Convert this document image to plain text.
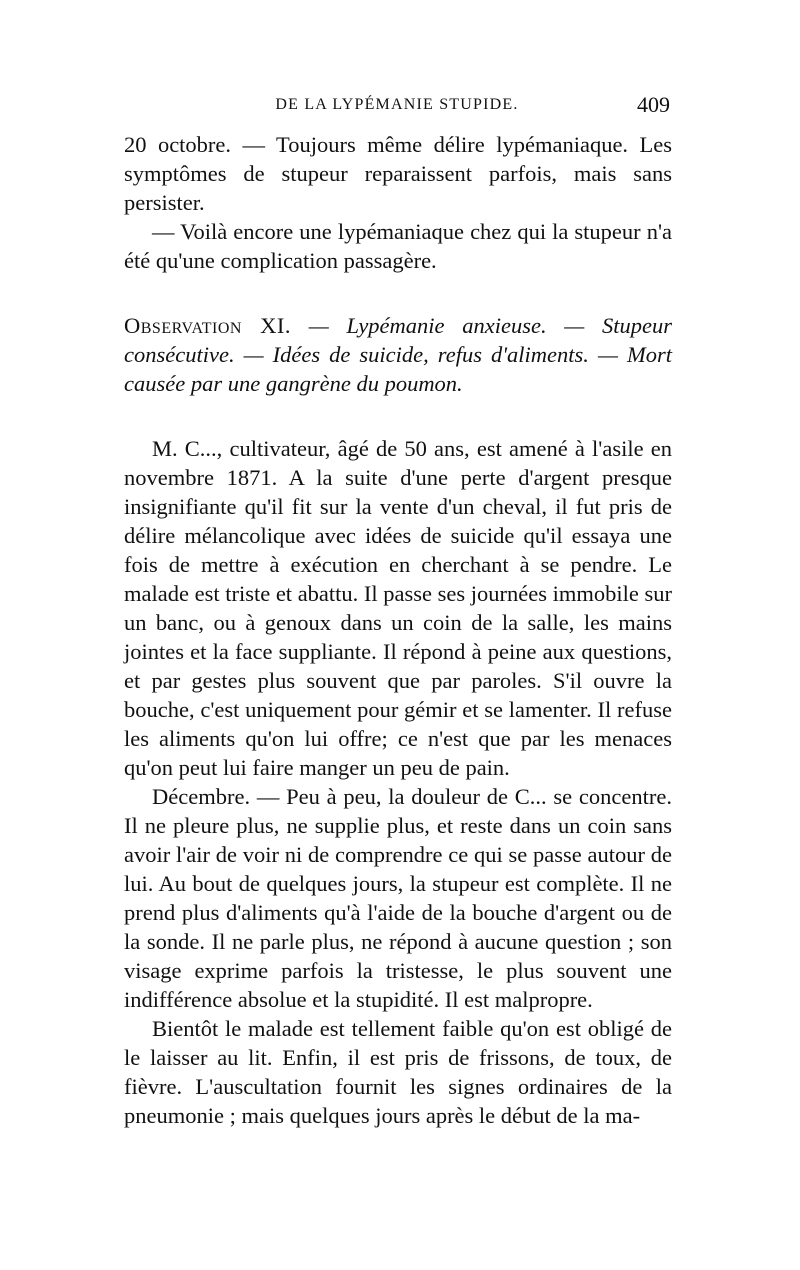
DE LA LYPÉMANIE STUPIDE.	409

20 octobre. — Toujours même délire lypémaniaque. Les symptômes de stupeur reparaissent parfois, mais sans persister.

— Voilà encore une lypémaniaque chez qui la stupeur n'a été qu'une complication passagère.

Observation XI. — Lypémanie anxieuse. — Stupeur consécutive. — Idées de suicide, refus d'aliments. — Mort causée par une gangrène du poumon.

M. C..., cultivateur, âgé de 50 ans, est amené à l'asile en novembre 1871. A la suite d'une perte d'argent presque insignifiante qu'il fit sur la vente d'un cheval, il fut pris de délire mélancolique avec idées de suicide qu'il essaya une fois de mettre à exécution en cherchant à se pendre. Le malade est triste et abattu. Il passe ses journées immobile sur un banc, ou à genoux dans un coin de la salle, les mains jointes et la face suppliante. Il répond à peine aux questions, et par gestes plus souvent que par paroles. S'il ouvre la bouche, c'est uniquement pour gémir et se lamenter. Il refuse les aliments qu'on lui offre; ce n'est que par les menaces qu'on peut lui faire manger un peu de pain.

Décembre. — Peu à peu, la douleur de C... se concentre. Il ne pleure plus, ne supplie plus, et reste dans un coin sans avoir l'air de voir ni de comprendre ce qui se passe autour de lui. Au bout de quelques jours, la stupeur est complète. Il ne prend plus d'aliments qu'à l'aide de la bouche d'argent ou de la sonde. Il ne parle plus, ne répond à aucune question ; son visage exprime parfois la tristesse, le plus souvent une indifférence absolue et la stupidité. Il est malpropre.

Bientôt le malade est tellement faible qu'on est obligé de le laisser au lit. Enfin, il est pris de frissons, de toux, de fièvre. L'auscultation fournit les signes ordinaires de la pneumonie ; mais quelques jours après le début de la ma-
